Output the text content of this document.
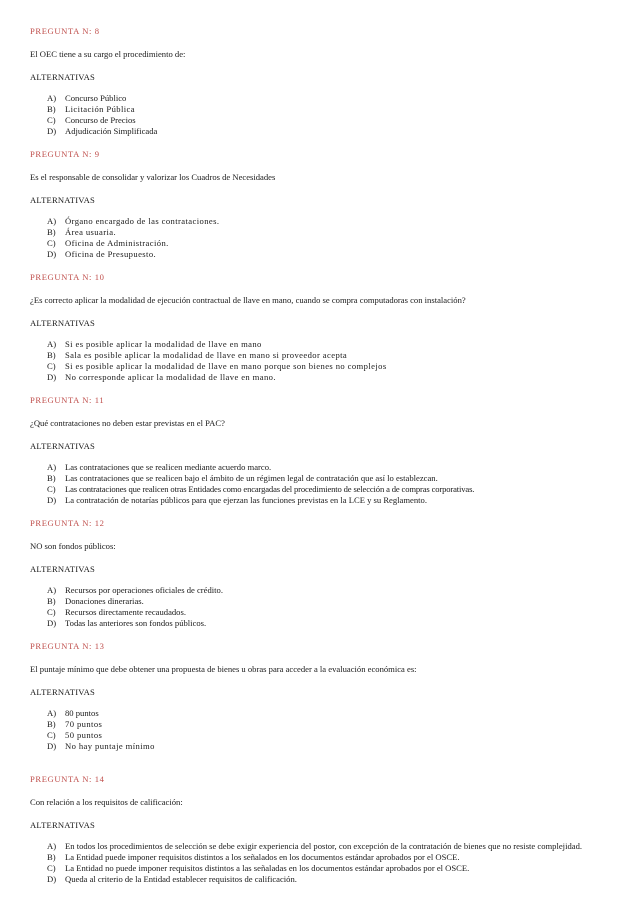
PREGUNTA N: 8
El OEC tiene a su cargo el procedimiento de:
ALTERNATIVAS
A)	Concurso Público
B)	Licitación Pública
C)	Concurso de Precios
D)	Adjudicación Simplificada
PREGUNTA N: 9
Es el responsable de consolidar y valorizar los Cuadros de Necesidades
ALTERNATIVAS
A)	Órgano encargado de las contrataciones.
B)	Área usuaria.
C)	Oficina de Administración.
D)	Oficina de Presupuesto.
PREGUNTA N: 10
¿Es correcto aplicar la modalidad de ejecución contractual de llave en mano, cuando se compra computadoras con instalación?
ALTERNATIVAS
A)	Si es posible aplicar la modalidad de llave en mano
B)	Sala es posible aplicar la modalidad de llave en mano si proveedor acepta
C)	Si es posible aplicar la modalidad de llave en mano porque son bienes no complejos
D)	No corresponde aplicar la modalidad de llave en mano.
PREGUNTA N: 11
¿Qué contrataciones no deben estar previstas en el PAC?
ALTERNATIVAS
A)	Las contrataciones que se realicen mediante acuerdo marco.
B)	Las contrataciones que se realicen bajo el ámbito de un régimen legal de contratación que así lo establezcan.
C)	Las contrataciones que realicen otras Entidades como encargadas del procedimiento de selección a de compras corporativas.
D)	La contratación de notarías públicos para que ejerzan las funciones previstas en la LCE y su Reglamento.
PREGUNTA N: 12
NO son fondos públicos:
ALTERNATIVAS
A)	Recursos por operaciones oficiales de crédito.
B)	Donaciones dinerarias.
C)	Recursos directamente recaudados.
D)	Todas las anteriores son fondos públicos.
PREGUNTA N: 13
El puntaje mínimo que debe obtener una propuesta de bienes u obras para acceder a la evaluación económica es:
ALTERNATIVAS
A)	80 puntos
B)	70 puntos
C)	50 puntos
D)	No hay puntaje mínimo
PREGUNTA N: 14
Con relación a los requisitos de calificación:
ALTERNATIVAS
A)	En todos los procedimientos de selección se debe exigir experiencia del postor, con excepción de la contratación de bienes que no resiste complejidad.
B)	La Entidad puede imponer requisitos distintos a los señalados en los documentos estándar aprobados por el OSCE.
C)	La Entidad no puede imponer requisitos distintos a las señaladas en los documentos estándar aprobados por el OSCE.
D)	Queda al criterio de la Entidad establecer requisitos de calificación.
